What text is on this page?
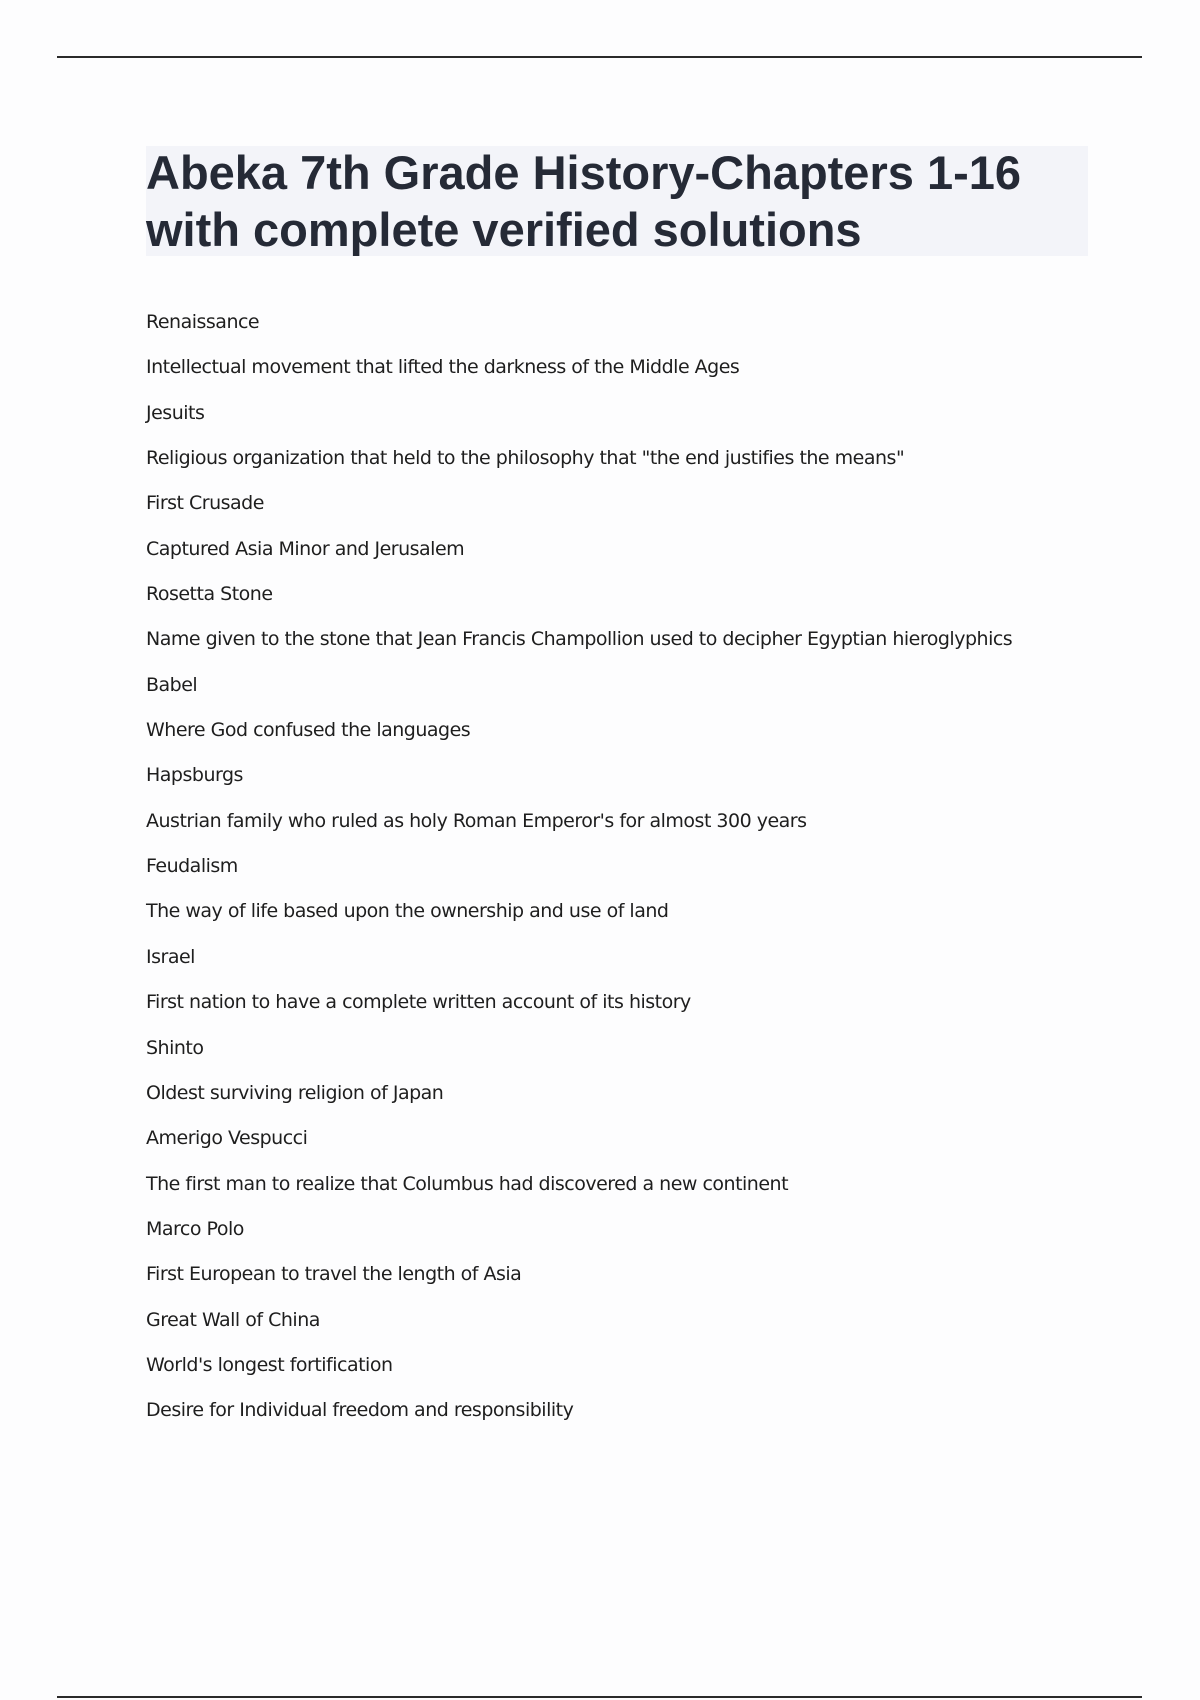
Abeka 7th Grade History-Chapters 1-16
with complete verified solutions
Renaissance
Intellectual movement that lifted the darkness of the Middle Ages
Jesuits
Religious organization that held to the philosophy that "the end justifies the means"
First Crusade
Captured Asia Minor and Jerusalem
Rosetta Stone
Name given to the stone that Jean Francis Champollion used to decipher Egyptian hieroglyphics
Babel
Where God confused the languages
Hapsburgs
Austrian family who ruled as holy Roman Emperor's for almost 300 years
Feudalism
The way of life based upon the ownership and use of land
Israel
First nation to have a complete written account of its history
Shinto
Oldest surviving religion of Japan
Amerigo Vespucci
The first man to realize that Columbus had discovered a new continent
Marco Polo
First European to travel the length of Asia
Great Wall of China
World's longest fortification
Desire for Individual freedom and responsibility
